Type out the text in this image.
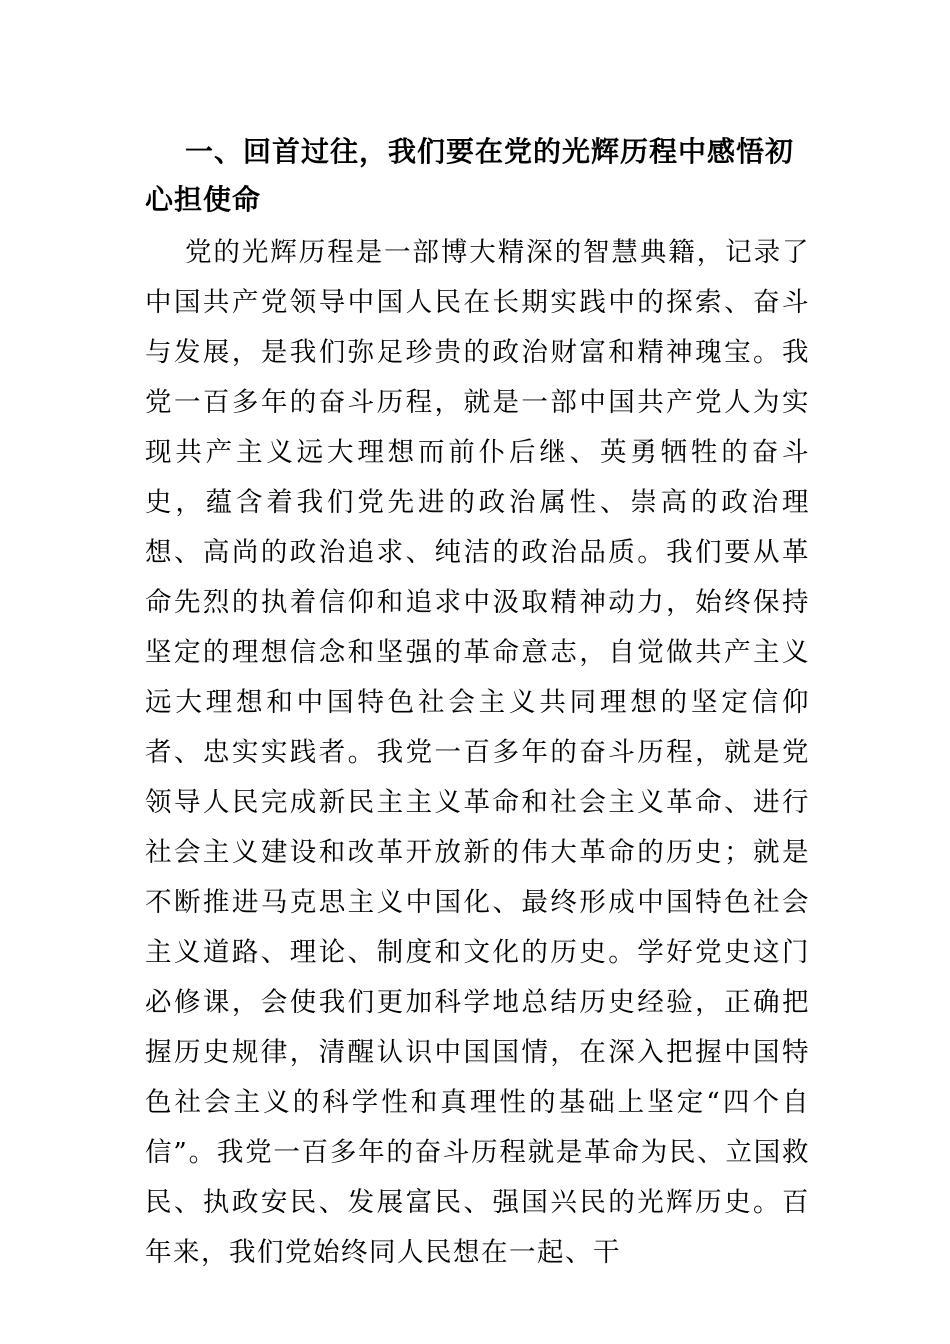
一、回首过往，我们要在党的光辉历程中感悟初心担使命

党的光辉历程是一部博大精深的智慧典籍，记录了中国共产党领导中国人民在长期实践中的探索、奋斗与发展，是我们弥足珍贵的政治财富和精神瑰宝。我党一百多年的奋斗历程，就是一部中国共产党人为实现共产主义远大理想而前仆后继、英勇牺牲的奋斗史，蕴含着我们党先进的政治属性、崇高的政治理想、高尚的政治追求、纯洁的政治品质。我们要从革命先烈的执着信仰和追求中汲取精神动力，始终保持坚定的理想信念和坚强的革命意志，自觉做共产主义远大理想和中国特色社会主义共同理想的坚定信仰者、忠实实践者。我党一百多年的奋斗历程，就是党领导人民完成新民主主义革命和社会主义革命、进行社会主义建设和改革开放新的伟大革命的历史；就是不断推进马克思主义中国化、最终形成中国特色社会主义道路、理论、制度和文化的历史。学好党史这门必修课，会使我们更加科学地总结历史经验，正确把握历史规律，清醒认识中国国情，在深入把握中国特色社会主义的科学性和真理性的基础上坚定“四个自信”。我党一百多年的奋斗历程就是革命为民、立国救民、执政安民、发展富民、强国兴民的光辉历史。百年来，我们党始终同人民想在一起、干
